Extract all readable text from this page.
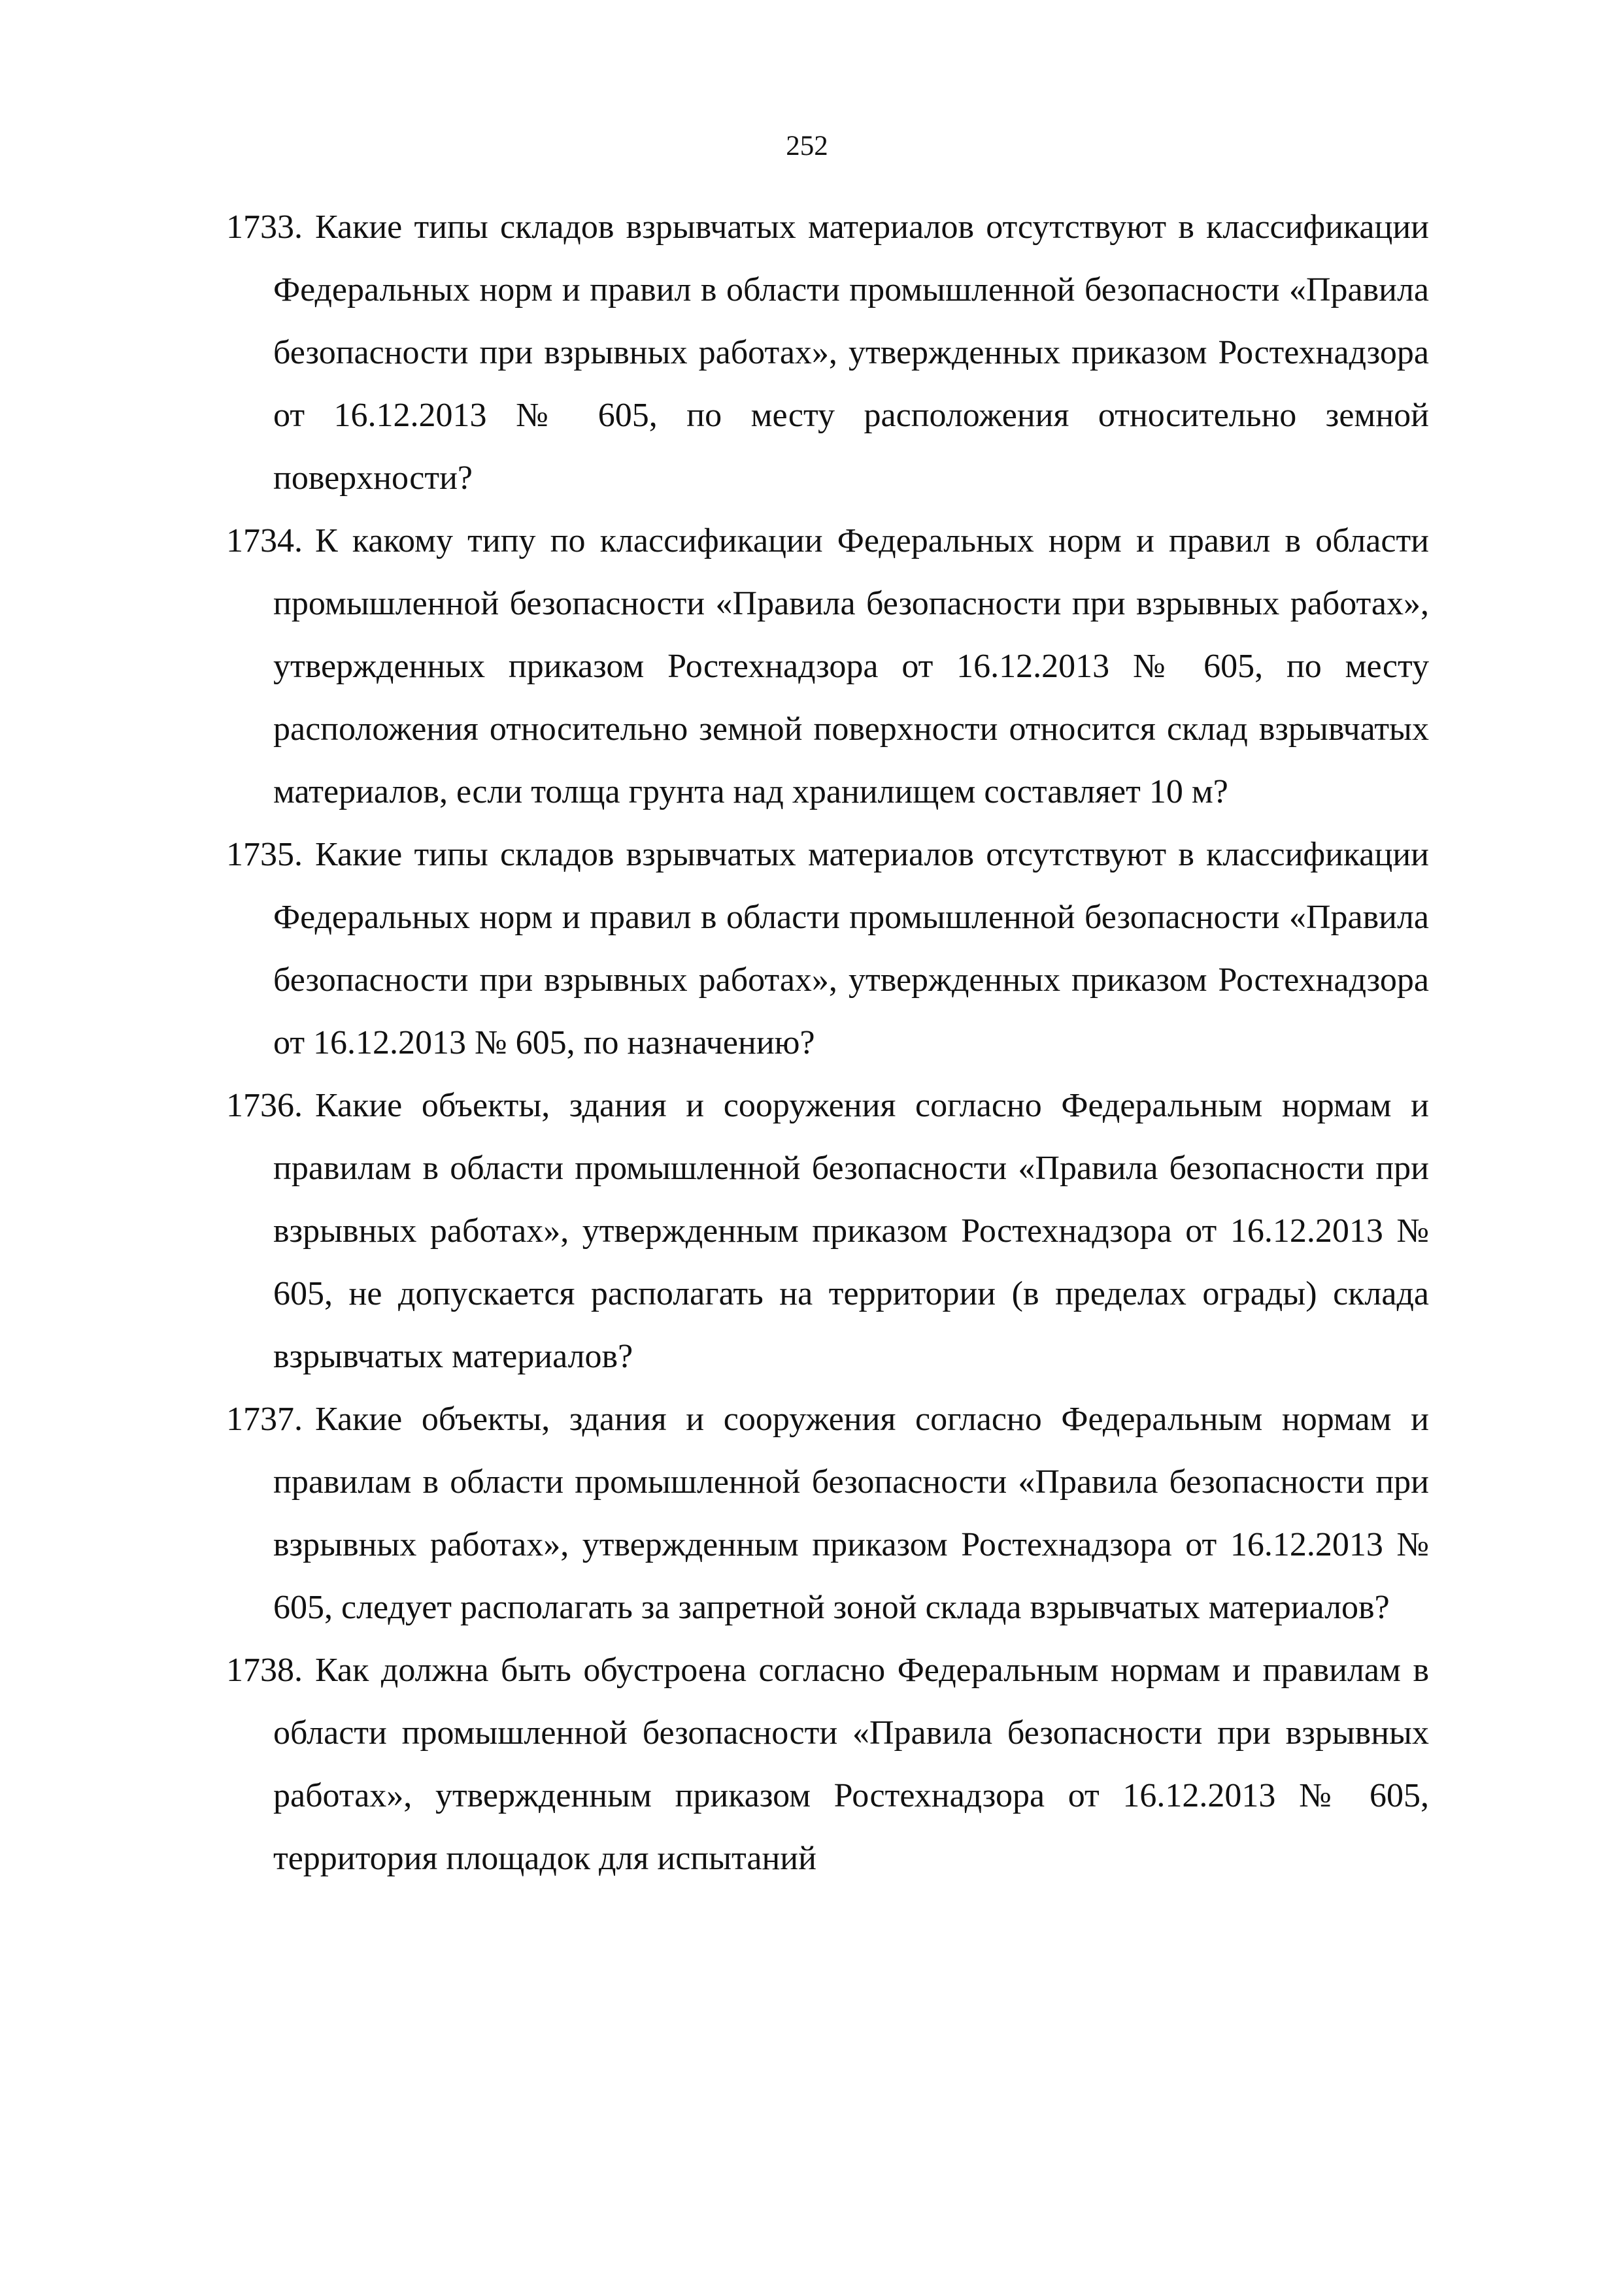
252
1733. Какие типы складов взрывчатых материалов отсутствуют в классификации Федеральных норм и правил в области промышленной безопасности «Правила безопасности при взрывных работах», утвержденных приказом Ростехнадзора от 16.12.2013 № 605, по месту расположения относительно земной поверхности?
1734. К какому типу по классификации Федеральных норм и правил в области промышленной безопасности «Правила безопасности при взрывных работах», утвержденных приказом Ростехнадзора от 16.12.2013 № 605, по месту расположения относительно земной поверхности относится склад взрывчатых материалов, если толща грунта над хранилищем составляет 10 м?
1735. Какие типы складов взрывчатых материалов отсутствуют в классификации Федеральных норм и правил в области промышленной безопасности «Правила безопасности при взрывных работах», утвержденных приказом Ростехнадзора от 16.12.2013 № 605, по назначению?
1736. Какие объекты, здания и сооружения согласно Федеральным нормам и правилам в области промышленной безопасности «Правила безопасности при взрывных работах», утвержденным приказом Ростехнадзора от 16.12.2013 № 605, не допускается располагать на территории (в пределах ограды) склада взрывчатых материалов?
1737. Какие объекты, здания и сооружения согласно Федеральным нормам и правилам в области промышленной безопасности «Правила безопасности при взрывных работах», утвержденным приказом Ростехнадзора от 16.12.2013 № 605, следует располагать за запретной зоной склада взрывчатых материалов?
1738. Как должна быть обустроена согласно Федеральным нормам и правилам в области промышленной безопасности «Правила безопасности при взрывных работах», утвержденным приказом Ростехнадзора от 16.12.2013 № 605, территория площадок для испытаний
